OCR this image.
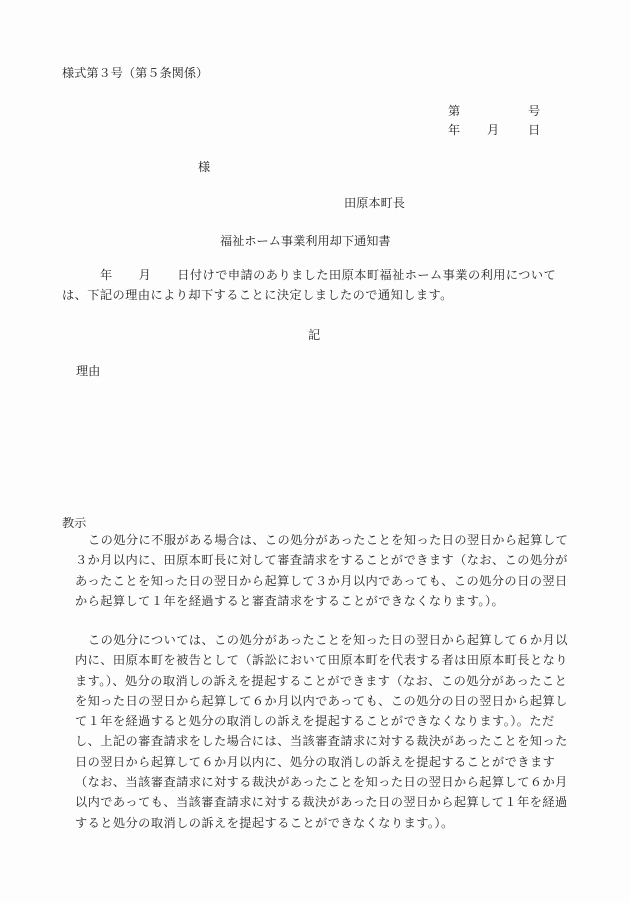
様式第３号（第５条関係）
第	号
年 月 日
様
田原本町長
福祉ホーム事業利用却下通知書
年 月 日付けで申請のありました田原本町福祉ホーム事業の利用については、下記の理由により却下することに決定しましたので通知します。
記
理由
教示

この処分に不服がある場合は、この処分があったことを知った日の翌日から起算して３か月以内に、田原本町長に対して審査請求をすることができます（なお、この処分があったことを知った日の翌日から起算して３か月以内であっても、この処分の日の翌日から起算して１年を経過すると審査請求をすることができなくなります。）。

この処分については、この処分があったことを知った日の翌日から起算して６か月以内に、田原本町を被告として（訴訟において田原本町を代表する者は田原本町長となります。）、処分の取消しの訴えを提起することができます（なお、この処分があったことを知った日の翌日から起算して６か月以内であっても、この処分の日の翌日から起算して１年を経過すると処分の取消しの訴えを提起することができなくなります。）。ただし、上記の審査請求をした場合には、当該審査請求に対する裁決があったことを知った日の翌日から起算して６か月以内に、処分の取消しの訴えを提起することができます（なお、当該審査請求に対する裁決があったことを知った日の翌日から起算して６か月以内であっても、当該審査請求に対する裁決があった日の翌日から起算して１年を経過すると処分の取消しの訴えを提起することができなくなります。）。
